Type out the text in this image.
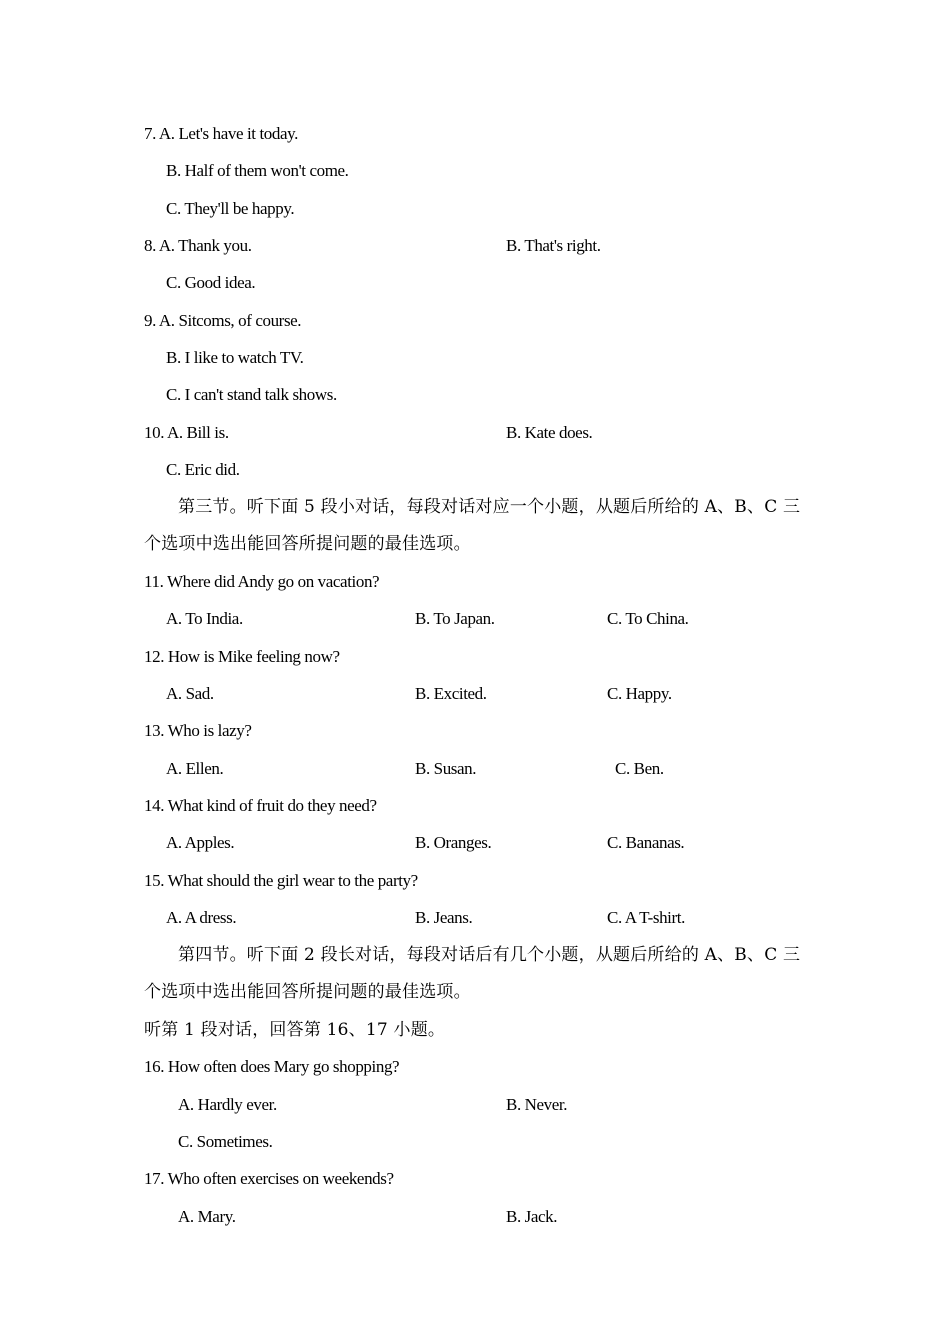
7. A. Let's have it today.
B. Half of them won't come.
C. They'll be happy.
8. A. Thank you.	B. That's right.
C. Good idea.
9. A. Sitcoms, of course.
B. I like to watch TV.
C. I can't stand talk shows.
10. A. Bill is.	B. Kate does.
C. Eric did.
第三节。听下面 5 段小对话，每段对话对应一个小题，从题后所给的 A、B、C 三
个选项中选出能回答所提问题的最佳选项。
11. Where did Andy go on vacation?
A. To India.	B. To Japan.	C. To China.
12. How is Mike feeling now?
A. Sad.	B. Excited.	C. Happy.
13. Who is lazy?
A. Ellen.	B. Susan.	C. Ben.
14. What kind of fruit do they need?
A. Apples.	B. Oranges.	C. Bananas.
15. What should the girl wear to the party?
A. A dress.	B. Jeans.	C. A T-shirt.
第四节。听下面 2 段长对话，每段对话后有几个小题，从题后所给的 A、B、C 三
个选项中选出能回答所提问题的最佳选项。
听第 1 段对话，回答第 16、17 小题。
16. How often does Mary go shopping?
A. Hardly ever.	B. Never.
C. Sometimes.
17. Who often exercises on weekends?
A. Mary.	B. Jack.
